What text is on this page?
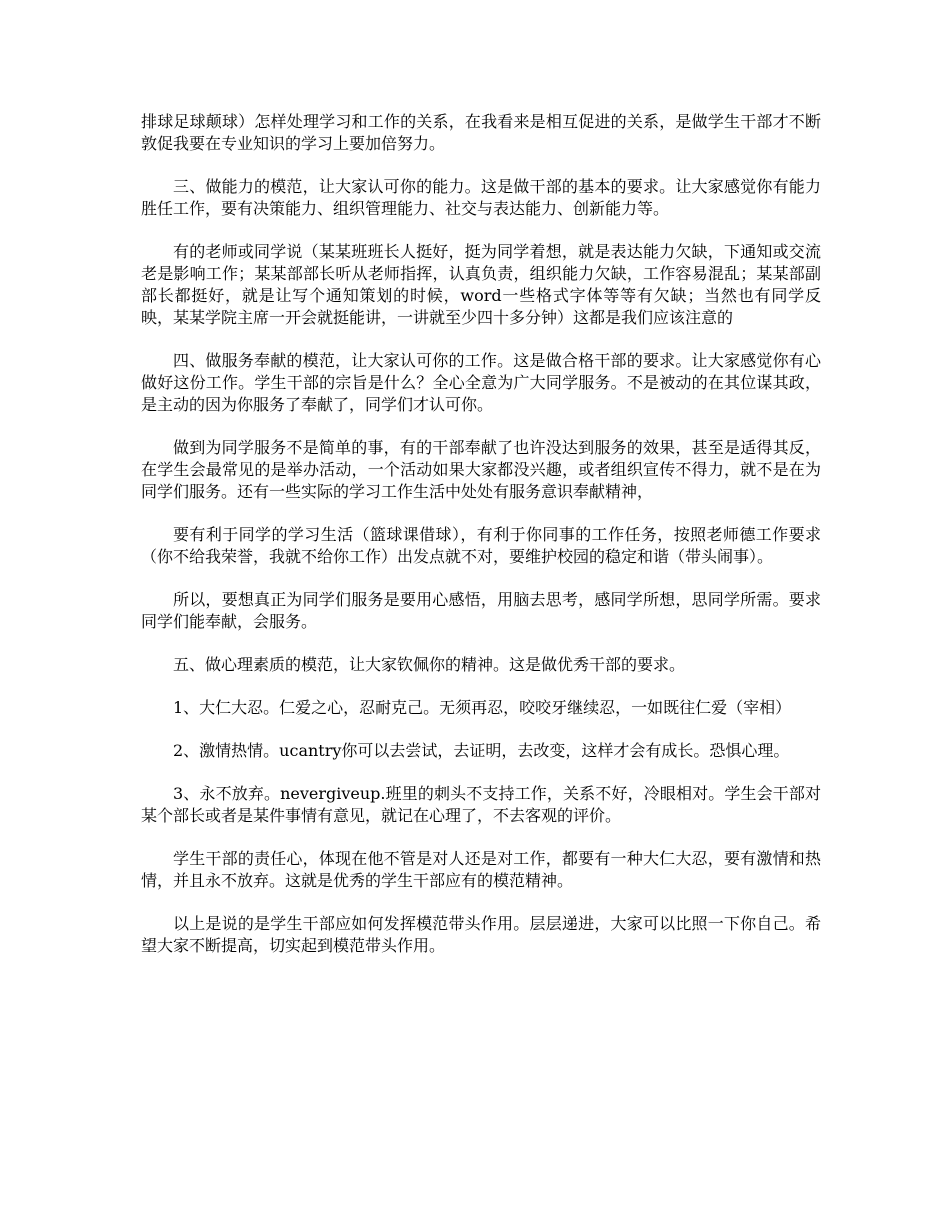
排球足球颠球）怎样处理学习和工作的关系，在我看来是相互促进的关系，是做学生干部才不断敦促我要在专业知识的学习上要加倍努力。

三、做能力的模范，让大家认可你的能力。这是做干部的基本的要求。让大家感觉你有能力胜任工作，要有决策能力、组织管理能力、社交与表达能力、创新能力等。

有的老师或同学说（某某班班长人挺好，挺为同学着想，就是表达能力欠缺，下通知或交流老是影响工作；某某部部长听从老师指挥，认真负责，组织能力欠缺，工作容易混乱；某某部副部长都挺好，就是让写个通知策划的时候，word一些格式字体等等有欠缺；当然也有同学反映，某某学院主席一开会就挺能讲，一讲就至少四十多分钟）这都是我们应该注意的

四、做服务奉献的模范，让大家认可你的工作。这是做合格干部的要求。让大家感觉你有心做好这份工作。学生干部的宗旨是什么？全心全意为广大同学服务。不是被动的在其位谋其政，是主动的因为你服务了奉献了，同学们才认可你。

做到为同学服务不是简单的事，有的干部奉献了也许没达到服务的效果，甚至是适得其反，在学生会最常见的是举办活动，一个活动如果大家都没兴趣，或者组织宣传不得力，就不是在为同学们服务。还有一些实际的学习工作生活中处处有服务意识奉献精神，

要有利于同学的学习生活（篮球课借球），有利于你同事的工作任务，按照老师德工作要求（你不给我荣誉，我就不给你工作）出发点就不对，要维护校园的稳定和谐（带头闹事）。

所以，要想真正为同学们服务是要用心感悟，用脑去思考，感同学所想，思同学所需。要求同学们能奉献，会服务。

五、做心理素质的模范，让大家钦佩你的精神。这是做优秀干部的要求。

1、大仁大忍。仁爱之心，忍耐克己。无须再忍，咬咬牙继续忍，一如既往仁爱（宰相）

2、激情热情。ucantry你可以去尝试，去证明，去改变，这样才会有成长。恐惧心理。

3、永不放弃。nevergiveup.班里的刺头不支持工作，关系不好，冷眼相对。学生会干部对某个部长或者是某件事情有意见，就记在心理了，不去客观的评价。

学生干部的责任心，体现在他不管是对人还是对工作，都要有一种大仁大忍，要有激情和热情，并且永不放弃。这就是优秀的学生干部应有的模范精神。

以上是说的是学生干部应如何发挥模范带头作用。层层递进，大家可以比照一下你自己。希望大家不断提高，切实起到模范带头作用。
